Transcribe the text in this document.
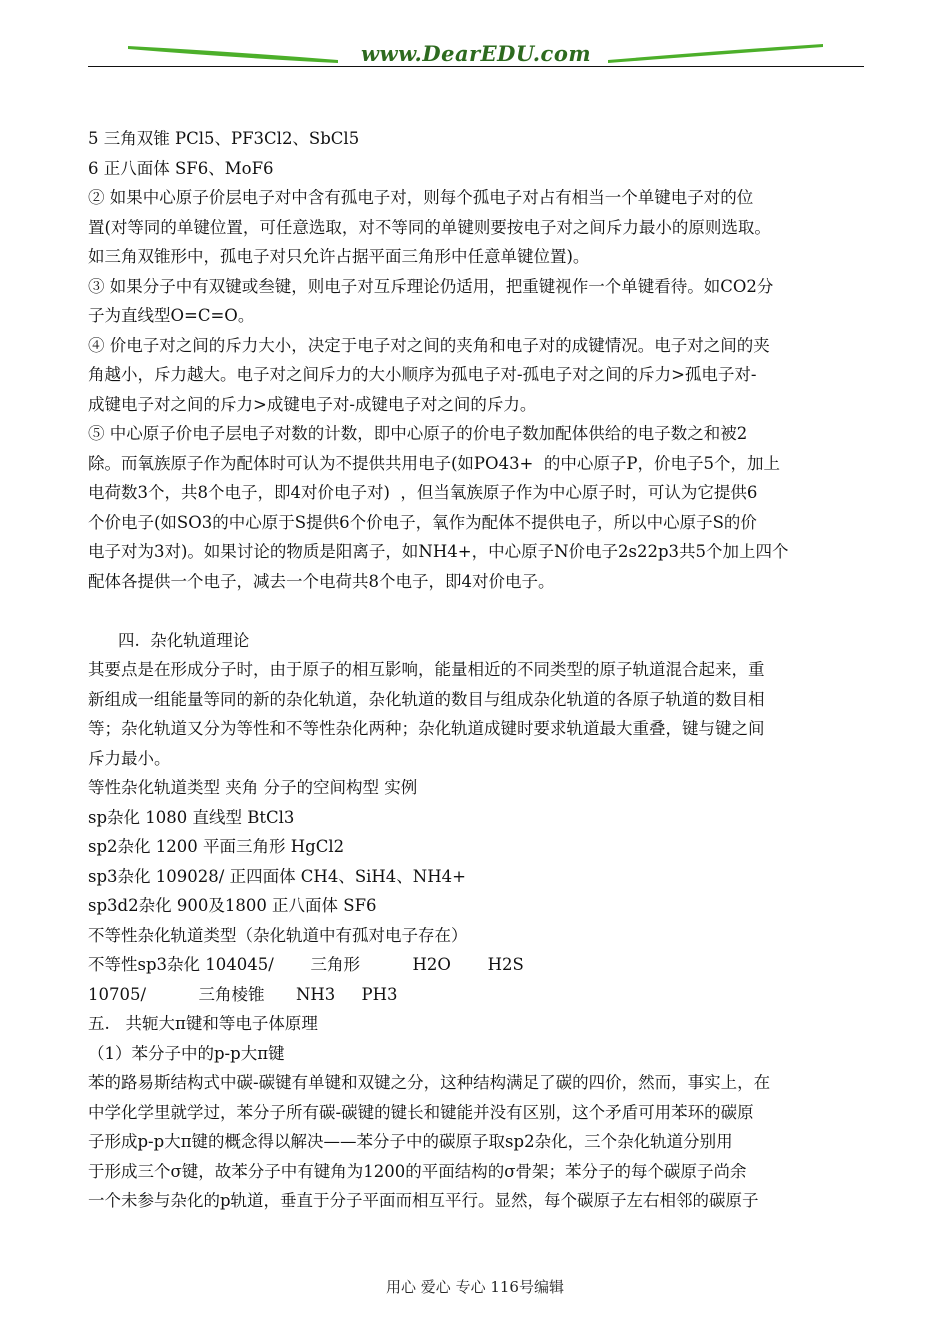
www.DearEDU.com
5 三角双锥 PCl5、PF3Cl2、SbCl5
6 正八面体 SF6、MoF6
② 如果中心原子价层电子对中含有孤电子对，则每个孤电子对占有相当一个单键电子对的位
置(对等同的单键位置，可任意选取，对不等同的单键则要按电子对之间斥力最小的原则选取。
如三角双锥形中，孤电子对只允许占据平面三角形中任意单键位置)。
③ 如果分子中有双键或叁键，则电子对互斥理论仍适用，把重键视作一个单键看待。如CO2分
子为直线型O=C=O。
④ 价电子对之间的斥力大小，决定于电子对之间的夹角和电子对的成键情况。电子对之间的夹
角越小，斥力越大。电子对之间斥力的大小顺序为孤电子对-孤电子对之间的斥力>孤电子对-
成键电子对之间的斥力>成键电子对-成键电子对之间的斥力。
⑤ 中心原子价电子层电子对数的计数，即中心原子的价电子数加配体供给的电子数之和被2
除。而氧族原子作为配体时可认为不提供共用电子(如PO43+  的中心原子P，价电子5个，加上
电荷数3个，共8个电子，即4对价电子对)  ，但当氧族原子作为中心原子时，可认为它提供6
个价电子(如SO3的中心原于S提供6个价电子，氧作为配体不提供电子，所以中心原子S的价
电子对为3对)。如果讨论的物质是阳离子，如NH4+，中心原子N价电子2s22p3共5个加上四个
配体各提供一个电子，减去一个电荷共8个电子，即4对价电子。
四.  杂化轨道理论
其要点是在形成分子时，由于原子的相互影响，能量相近的不同类型的原子轨道混合起来，重
新组成一组能量等同的新的杂化轨道，杂化轨道的数目与组成杂化轨道的各原子轨道的数目相
等；杂化轨道又分为等性和不等性杂化两种；杂化轨道成键时要求轨道最大重叠，键与键之间
斥力最小。
等性杂化轨道类型 夹角 分子的空间构型 实例
sp杂化 1080 直线型 BtCl3
sp2杂化 1200 平面三角形 HgCl2
sp3杂化 109028/ 正四面体 CH4、SiH4、NH4+
sp3d2杂化 900及1800 正八面体 SF6
不等性杂化轨道类型（杂化轨道中有孤对电子存在）
不等性sp3杂化 104045/       三角形          H2O       H2S
10705/          三角棱锥      NH3     PH3
五.   共轭大π键和等电子体原理
（1）苯分子中的p-p大π键
苯的路易斯结构式中碳-碳键有单键和双键之分，这种结构满足了碳的四价，然而，事实上，在
中学化学里就学过，苯分子所有碳-碳键的键长和键能并没有区别，这个矛盾可用苯环的碳原
子形成p-p大π键的概念得以解决——苯分子中的碳原子取sp2杂化，三个杂化轨道分别用
于形成三个σ键，故苯分子中有键角为1200的平面结构的σ骨架；苯分子的每个碳原子尚余
一个未参与杂化的p轨道，垂直于分子平面而相互平行。显然，每个碳原子左右相邻的碳原子
用心 爱心 专心 116号编辑
